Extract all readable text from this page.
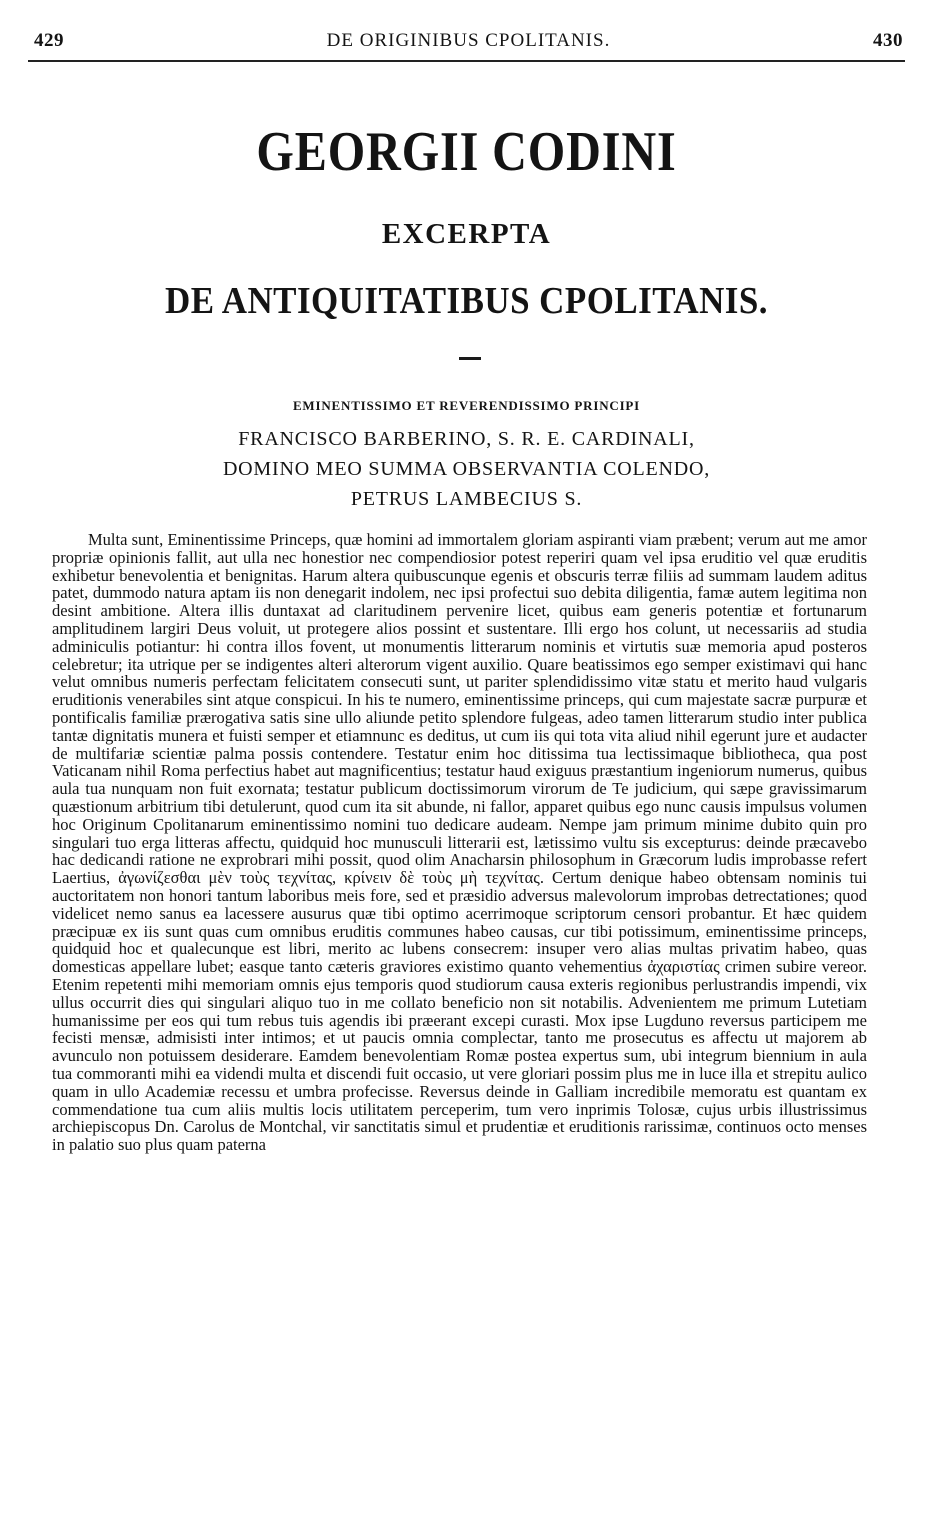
429	DE ORIGINIBUS CPOLITANIS.	430
GEORGII CODINI
EXCERPTA
DE ANTIQUITATIBUS CPOLITANIS.
EMINENTISSIMO ET REVERENDISSIMO PRINCIPI
FRANCISCO BARBERINO, S. R. E. CARDINALI,
DOMINO MEO SUMMA OBSERVANTIA COLENDO,
PETRUS LAMBECIUS S.

Multa sunt, Eminentissime Princeps, quæ homini ad immortalem gloriam aspiranti viam præbent; verum aut me amor propriæ opinionis fallit, aut ulla nec honestior nec compendiosior potest reperiri quam vel ipsa eruditio vel quæ eruditis exhibetur benevolentia et benignitas. Harum altera quibuscunque egenis et obscuris terræ filiis ad summam laudem aditus patet, dummodo natura aptam iis non denegarit indolem, nec ipsi profectui suo debita diligentia, famæ autem legitima non desint ambitione. Altera illis duntaxat ad claritudinem pervenire licet, quibus eam generis potentiæ et fortunarum amplitudinem largiri Deus voluit, ut protegere alios possint et sustentare. Illi ergo hos colunt, ut necessariis ad studia adminiculis potiantur: hi contra illos fovent, ut monumentis litterarum nominis et virtutis suæ memoria apud posteros celebretur; ita utrique per se indigentes alteri alterorum vigent auxilio. Quare beatissimos ego semper existimavi qui hanc velut omnibus numeris perfectam felicitatem consecuti sunt, ut pariter splendidissimo vitæ statu et merito haud vulgaris eruditionis venerabiles sint atque conspicui. In his te numero, eminentissime princeps, qui cum majestate sacræ purpuræ et pontificalis familiæ prærogativa satis sine ullo aliunde petito splendore fulgeas, adeo tamen litterarum studio inter publica tantæ dignitatis munera et fuisti semper et etiamnunc es deditus, ut cum iis qui tota vita aliud nihil egerunt jure et audacter de multifariæ scientiæ palma possis contendere. Testatur enim hoc ditissima tua lectissimaque bibliotheca, qua post Vaticanam nihil Roma perfectius habet aut magnificentius; testatur haud exiguus præstantium ingeniorum numerus, quibus aula tua nunquam non fuit exornata; testatur publicum doctissimorum virorum de Te judicium, qui sæpe gravissimarum quæstionum arbitrium tibi detulerunt, quod cum ita sit abunde, ni fallor, apparet quibus ego nunc causis impulsus volumen hoc Originum Cpolitanarum eminentissimo nomini tuo dedicare audeam. Nempe jam primum minime dubito quin pro singulari tuo erga litteras affectu, quidquid hoc munusculi litterarii est, lætissimo vultu sis excepturus: deinde præcavebo hac dedicandi ratione ne exprobrari mihi possit, quod olim Anacharsin philosophum in Græcorum ludis improbasse refert Laertius, ἀγωνίζεσθαι μὲν τοὺς τεχνίτας, κρίνειν δὲ τοὺς μὴ τεχνίτας. Certum denique habeo obtensam nominis tui auctoritatem non honori tantum laboribus meis fore, sed et præsidio adversus malevolorum improbas detrectationes; quod videlicet nemo sanus ea lacessere ausurus quæ tibi optimo acerrimoque scriptorum censori probantur. Et hæc quidem præcipuæ ex iis sunt quas cum omnibus eruditis communes habeo causas, cur tibi potissimum, eminentissime princeps, quidquid hoc et qualecunque est libri, merito ac lubens consecrem: insuper vero alias multas privatim habeo, quas domesticas appellare lubet; easque tanto cæteris graviores existimo quanto vehementius ἀχαριστίας crimen subire vereor. Etenim repetenti mihi memoriam omnis ejus temporis quod studiorum causa exteris regionibus perlustrandis impendi, vix ullus occurrit dies qui singulari aliquo tuo in me collato beneficio non sit notabilis. Advenientem me primum Lutetiam humanissime per eos qui tum rebus tuis agendis ibi præerant excepi curasti. Mox ipse Lugduno reversus participem me fecisti mensæ, admisisti inter intimos; et ut paucis omnia complectar, tanto me prosecutus es affectu ut majorem ab avunculo non potuissem desiderare. Eamdem benevolentiam Romæ postea expertus sum, ubi integrum biennium in aula tua commoranti mihi ea videndi multa et discendi fuit occasio, ut vere gloriari possim plus me in luce illa et strepitu aulico quam in ullo Academiæ recessu et umbra profecisse. Reversus deinde in Galliam incredibile memoratu est quantam ex commendatione tua cum aliis multis locis utilitatem perceperim, tum vero inprimis Tolosæ, cujus urbis illustrissimus archiepiscopus Dn. Carolus de Montchal, vir sanctitatis simul et prudentiæ et eruditionis rarissimæ, continuos octo menses in palatio suo plus quam paterna
